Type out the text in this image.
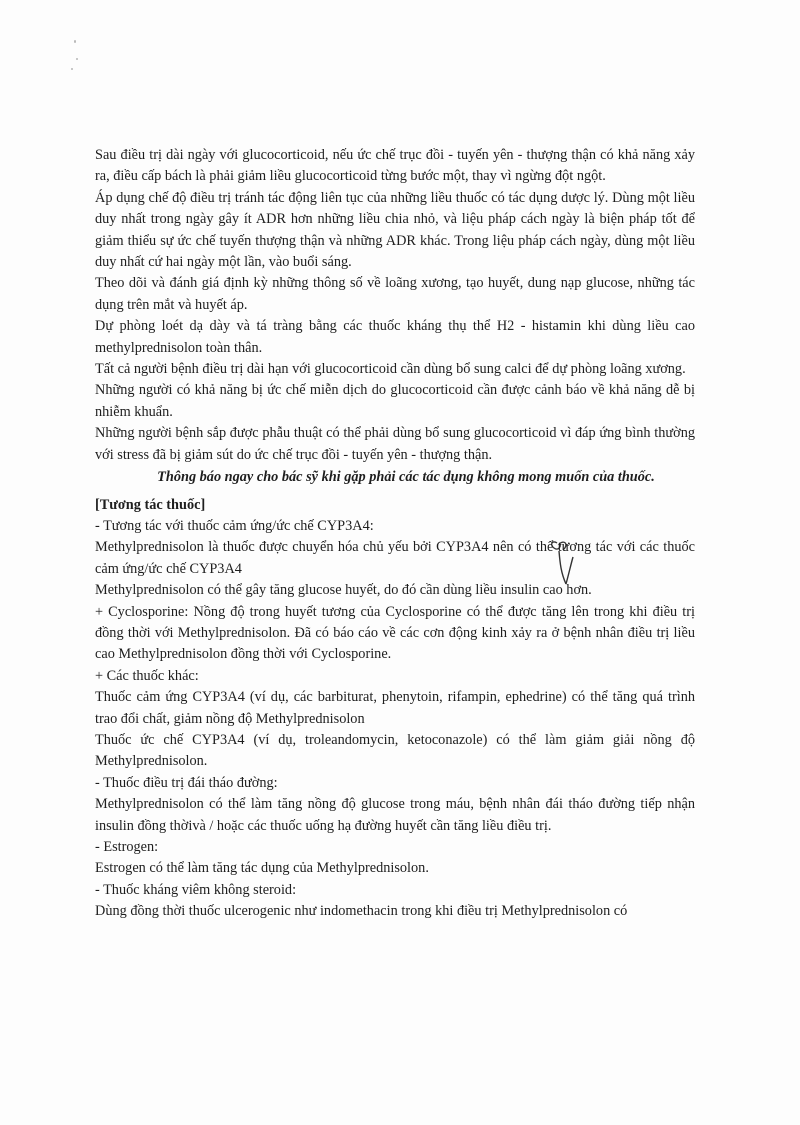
Sau điều trị dài ngày với glucocorticoid, nếu ức chế trục đồi - tuyến yên - thượng thận có khả năng xảy ra, điều cấp bách là phải giảm liều glucocorticoid từng bước một, thay vì ngừng đột ngột.

Áp dụng chế độ điều trị tránh tác động liên tục của những liều thuốc có tác dụng dược lý. Dùng một liều duy nhất trong ngày gây ít ADR hơn những liều chia nhỏ, và liệu pháp cách ngày là biện pháp tốt để giảm thiểu sự ức chế tuyến thượng thận và những ADR khác. Trong liệu pháp cách ngày, dùng một liều duy nhất cứ hai ngày một lần, vào buổi sáng.

Theo dõi và đánh giá định kỳ những thông số về loãng xương, tạo huyết, dung nạp glucose, những tác dụng trên mắt và huyết áp.

Dự phòng loét dạ dày và tá tràng bằng các thuốc kháng thụ thể H2 - histamin khi dùng liều cao methylprednisolon toàn thân.

Tất cả người bệnh điều trị dài hạn với glucocorticoid cần dùng bổ sung calci để dự phòng loãng xương.

Những người có khả năng bị ức chế miễn dịch do glucocorticoid cần được cảnh báo về khả năng dễ bị nhiễm khuẩn.

Những người bệnh sắp được phẫu thuật có thể phải dùng bổ sung glucocorticoid vì đáp ứng bình thường với stress đã bị giảm sút do ức chế trục đồi - tuyến yên - thượng thận.

Thông báo ngay cho bác sỹ khi gặp phải các tác dụng không mong muốn của thuốc.

[Tương tác thuốc]

- Tương tác với thuốc cảm ứng/ức chế CYP3A4:

Methylprednisolon là thuốc được chuyển hóa chủ yếu bởi CYP3A4 nên có thể tương tác với các thuốc cảm ứng/ức chế CYP3A4

Methylprednisolon có thể gây tăng glucose huyết, do đó cần dùng liều insulin cao hơn.

+ Cyclosporine: Nồng độ trong huyết tương của Cyclosporine có thể được tăng lên trong khi điều trị đồng thời với Methylprednisolon. Đã có báo cáo về các cơn động kinh xảy ra ở bệnh nhân điều trị liều cao Methylprednisolon đồng thời với Cyclosporine.

+ Các thuốc khác:

Thuốc cảm ứng CYP3A4 (ví dụ, các barbiturat, phenytoin, rifampin, ephedrine) có thể tăng quá trình trao đổi chất, giảm nồng độ Methylprednisolon

Thuốc ức chế CYP3A4 (ví dụ, troleandomycin, ketoconazole) có thể làm giảm giải nồng độ Methylprednisolon.

- Thuốc điều trị đái tháo đường:

Methylprednisolon có thể làm tăng nồng độ glucose trong máu, bệnh nhân đái tháo đường tiếp nhận insulin đồng thờivà / hoặc các thuốc uống hạ đường huyết cần tăng liều điều trị.

- Estrogen:

Estrogen có thể làm tăng tác dụng của Methylprednisolon.

- Thuốc kháng viêm không steroid:

Dùng đồng thời thuốc ulcerogenic như indomethacin trong khi điều trị Methylprednisolon có
